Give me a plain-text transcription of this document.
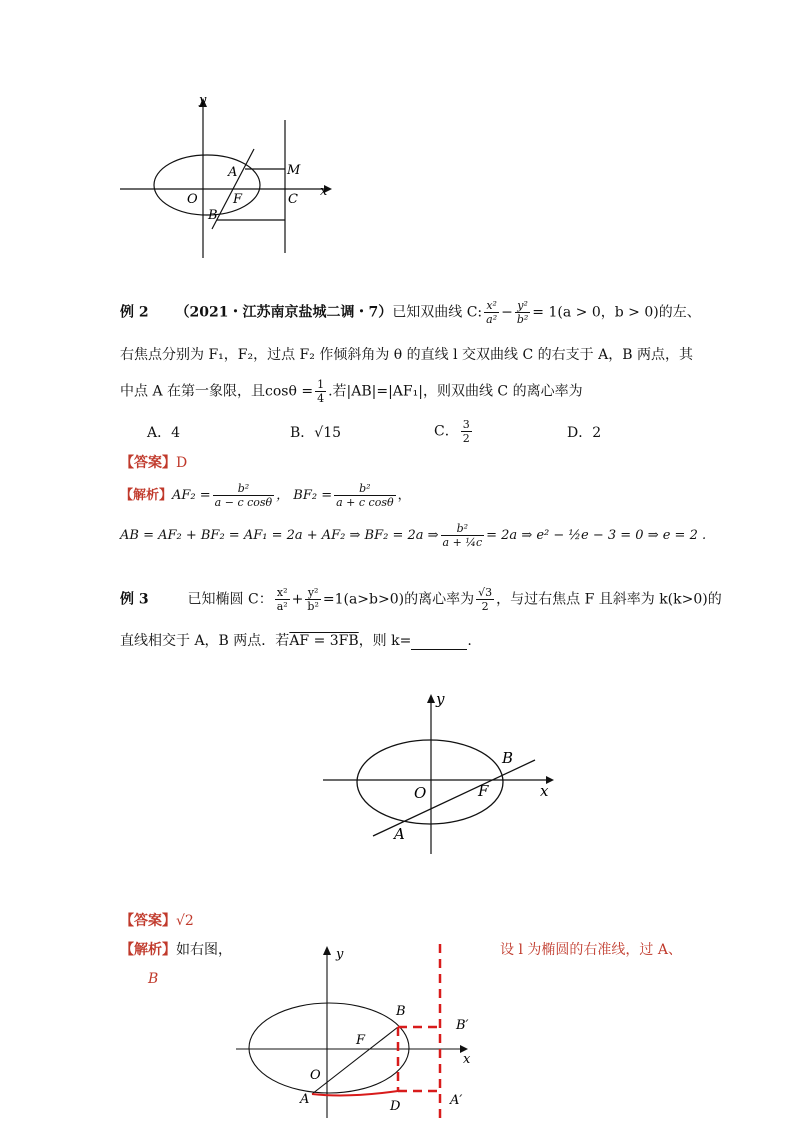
y
x
O
A	M
F	C
B
例 2 （2021・江苏南京盐城二调・7）已知双曲线 C: $\frac{\text{x²}}{\text{a²}} - \frac{\text{y²}}{\text{b²}} = 1(a > 0$，b > 0)的左、
右焦点分别为 F₁，F₂，过点 F₂ 作倾斜角为 θ 的直线 l 交双曲线 C 的右支于 A，B 两点，其
中点 A 在第一象限，且$\cos\theta = \frac{1}{4}$ .若|AB|=|AF₁|，则双曲线 C 的离心率为
A．4	B．√15	C． $\frac{3}{2}$	D．2
【答案】D
【解析】$AF_2 = \frac{\text{b²}}{\text{a − c cosθ}}$ ， $BF_2 = \frac{\text{b²}}{\text{a + c cosθ}}$ ，
AB = AF₂ + BF₂ = AF₁ = 2a + AF₂ ⇒ BF₂ = 2a ⇒ $\frac{\text{b²}}{\text{a + ¼c}} = 2a$ ⇒ e² − ½e − 3 = 0 ⇒ e = 2 .
例 3	已知椭圆 C： $\frac{\text{x²}}{\text{a²}} + \frac{\text{y²}}{\text{b²}} =1(a>b>0)$的离心率为 $\frac{√3}{2}$ ，与过右焦点 F 且斜率为 k(k>0)的
直线相交于 A，B 两点．若AF = 3FB，则 k=	.
y
x
B
O	F
A
【答案】√2
【解析】如右图，	设 l 为椭圆的右准线，过 A、
B
y
x
B
B′
F
O
A	D	A′
